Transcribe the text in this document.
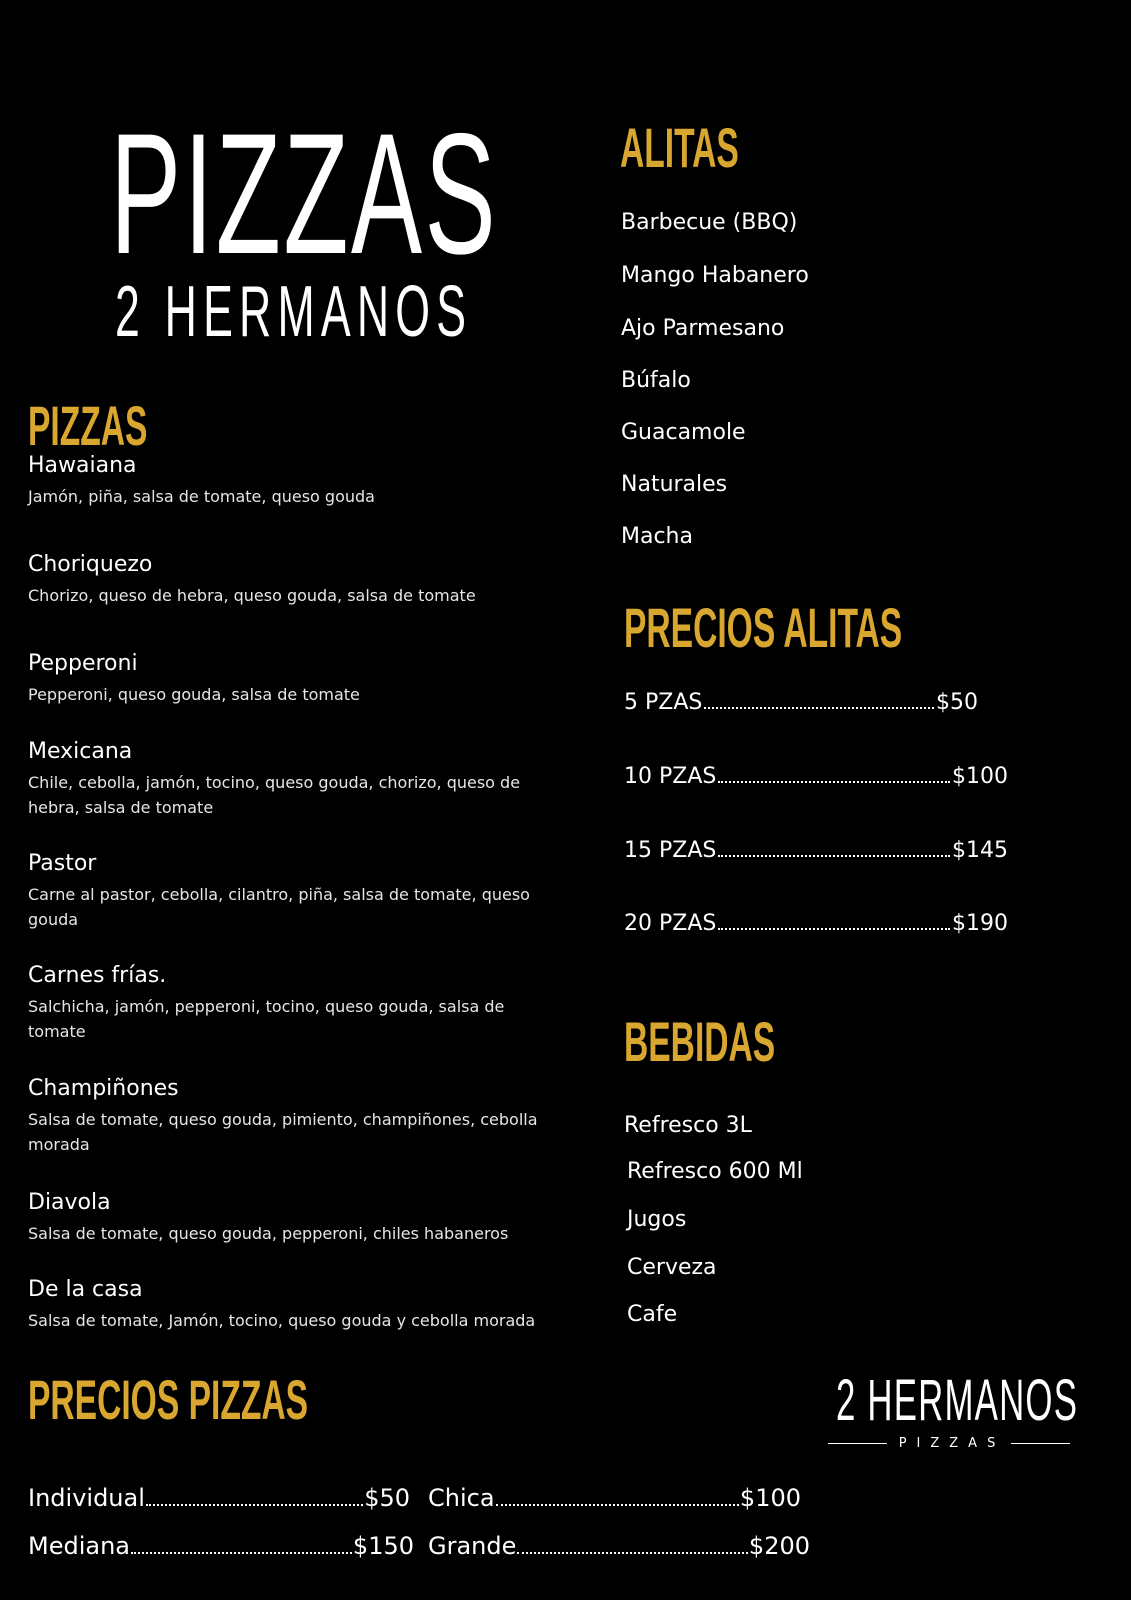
PIZZAS
2 HERMANOS
PIZZAS
Hawaiana
Jamón, piña, salsa de tomate, queso gouda
Choriquezo
Chorizo, queso de hebra, queso gouda, salsa de tomate
Pepperoni
Pepperoni, queso gouda, salsa de tomate
Mexicana
Chile, cebolla, jamón, tocino, queso gouda, chorizo, queso de hebra, salsa de tomate
Pastor
Carne al pastor, cebolla, cilantro, piña, salsa de tomate, queso gouda
Carnes frías.
Salchicha, jamón, pepperoni, tocino, queso gouda, salsa de tomate
Champiñones
Salsa de tomate, queso gouda, pimiento, champiñones, cebolla morada
Diavola
Salsa de tomate, queso gouda, pepperoni, chiles habaneros
De la casa
Salsa de tomate, Jamón, tocino, queso gouda y cebolla morada
PRECIOS PIZZAS
Individual	$50 Chica	$100
Mediana	$150 Grande	$200
ALITAS
Barbecue (BBQ)
Mango Habanero
Ajo Parmesano
Búfalo
Guacamole
Naturales
Macha
PRECIOS ALITAS
5 PZAS	$50
10 PZAS	$100
15 PZAS	$145
20 PZAS	$190
BEBIDAS
Refresco 3L
Refresco 600 Ml
Jugos
Cerveza
Cafe
2 HERMANOS
PIZZAS
